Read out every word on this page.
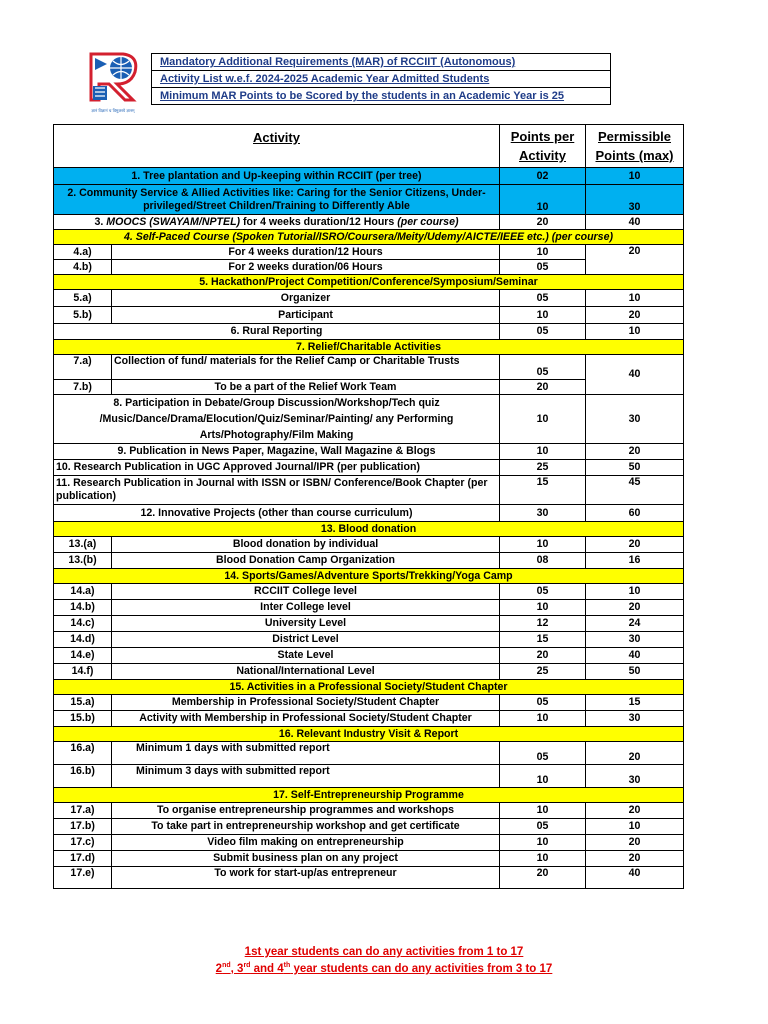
ज्ञानं विज्ञानं च विमुक्तये ज्ञानम्
Mandatory Additional Requirements (MAR) of RCCIIT (Autonomous)
Activity List w.e.f. 2024-2025 Academic Year Admitted Students
Minimum MAR Points to be Scored by the students in an Academic Year is 25
Activity		Points per Activity	Permissible Points (max)
1. Tree plantation and Up-keeping within RCCIIT (per tree)		02	10
2. Community Service & Allied Activities like: Caring for the Senior Citizens, Under-privileged/Street Children/Training to Differently Able		10	30
3. MOOCS (SWAYAM/NPTEL) for 4 weeks duration/12 Hours (per course)		20	40
4. Self-Paced Course (Spoken Tutorial/ISRO/Coursera/Meity/Udemy/AICTE/IEEE etc.) (per course)			
4.a)	For 4 weeks duration/12 Hours	10	20
4.b)	For 2 weeks duration/06 Hours	05	
5. Hackathon/Project Competition/Conference/Symposium/Seminar			
5.a)	Organizer	05	10
5.b)	Participant	10	20
6. Rural Reporting		05	10
7. Relief/Charitable Activities			
7.a)	Collection of fund/ materials for the Relief Camp or Charitable Trusts	05	40
7.b)	To be a part of the Relief Work Team	20	
8. Participation in Debate/Group Discussion/Workshop/Tech quiz /Music/Dance/Drama/Elocution/Quiz/Seminar/Painting/ any Performing Arts/Photography/Film Making		10	30
9. Publication in News Paper, Magazine, Wall Magazine & Blogs		10	20
10. Research Publication in UGC Approved Journal/IPR (per publication)		25	50
11. Research Publication in Journal with ISSN or ISBN/ Conference/Book Chapter (per publication)		15	45
12. Innovative Projects (other than course curriculum)		30	60
13. Blood donation			
13.(a)	Blood donation by individual	10	20
13.(b)	Blood Donation Camp Organization	08	16
14. Sports/Games/Adventure Sports/Trekking/Yoga Camp			
14.a)	RCCIIT College level	05	10
14.b)	Inter College level	10	20
14.c)	University Level	12	24
14.d)	District Level	15	30
14.e)	State Level	20	40
14.f)	National/International Level	25	50
15. Activities in a Professional Society/Student Chapter			
15.a)	Membership in Professional Society/Student Chapter	05	15
15.b)	Activity with Membership in Professional Society/Student Chapter	10	30
16. Relevant Industry Visit & Report			
16.a)	Minimum 1 days with submitted report	05	20
16.b)	Minimum 3 days with submitted report	10	30
17. Self-Entrepreneurship Programme			
17.a)	To organise entrepreneurship programmes and workshops	10	20
17.b)	To take part in entrepreneurship workshop and get certificate	05	10
17.c)	Video film making on entrepreneurship	10	20
17.d)	Submit business plan on any project	10	20
17.e)	To work for start-up/as entrepreneur	20	40
1st year students can do any activities from 1 to 17
2nd, 3rd and 4th year students can do any activities from 3 to 17
